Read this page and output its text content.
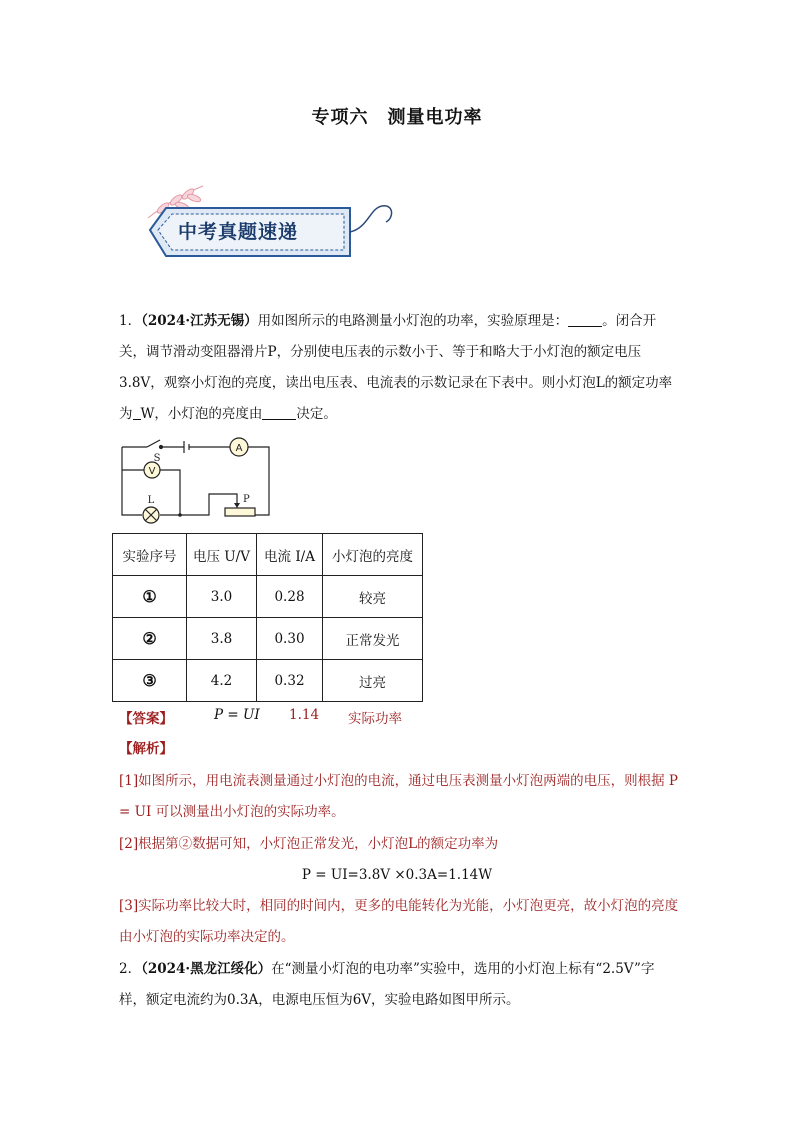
专项六　测量电功率
中考真题速递
1．（2024·江苏无锡）用如图所示的电路测量小灯泡的功率，实验原理是：	。闭合开关，调节滑动变阻器滑片P，分别使电压表的示数小于、等于和略大于小灯泡的额定电压3.8V，观察小灯泡的亮度，读出电压表、电流表的示数记录在下表中。则小灯泡L的额定功率为 W，小灯泡的亮度由	决定。
A
V
L	P
S
实验序号	电压 U/V	电流 I/A	小灯泡的亮度
①	3.0	0.28	较亮
②	3.8	0.30	正常发光
③	4.2	0.32	过亮
【答案】	P = UI 1.14 实际功率
【解析】
[1]如图所示，用电流表测量通过小灯泡的电流，通过电压表测量小灯泡两端的电压，则根据 P = UI 可以测量出小灯泡的实际功率。
[2]根据第②数据可知，小灯泡正常发光，小灯泡L的额定功率为
P = UI=3.8V ×0.3A=1.14W
[3]实际功率比较大时，相同的时间内，更多的电能转化为光能，小灯泡更亮，故小灯泡的亮度由小灯泡的实际功率决定的。
2．（2024·黑龙江绥化）在“测量小灯泡的电功率”实验中，选用的小灯泡上标有“2.5V”字样，额定电流约为0.3A，电源电压恒为6V，实验电路如图甲所示。
